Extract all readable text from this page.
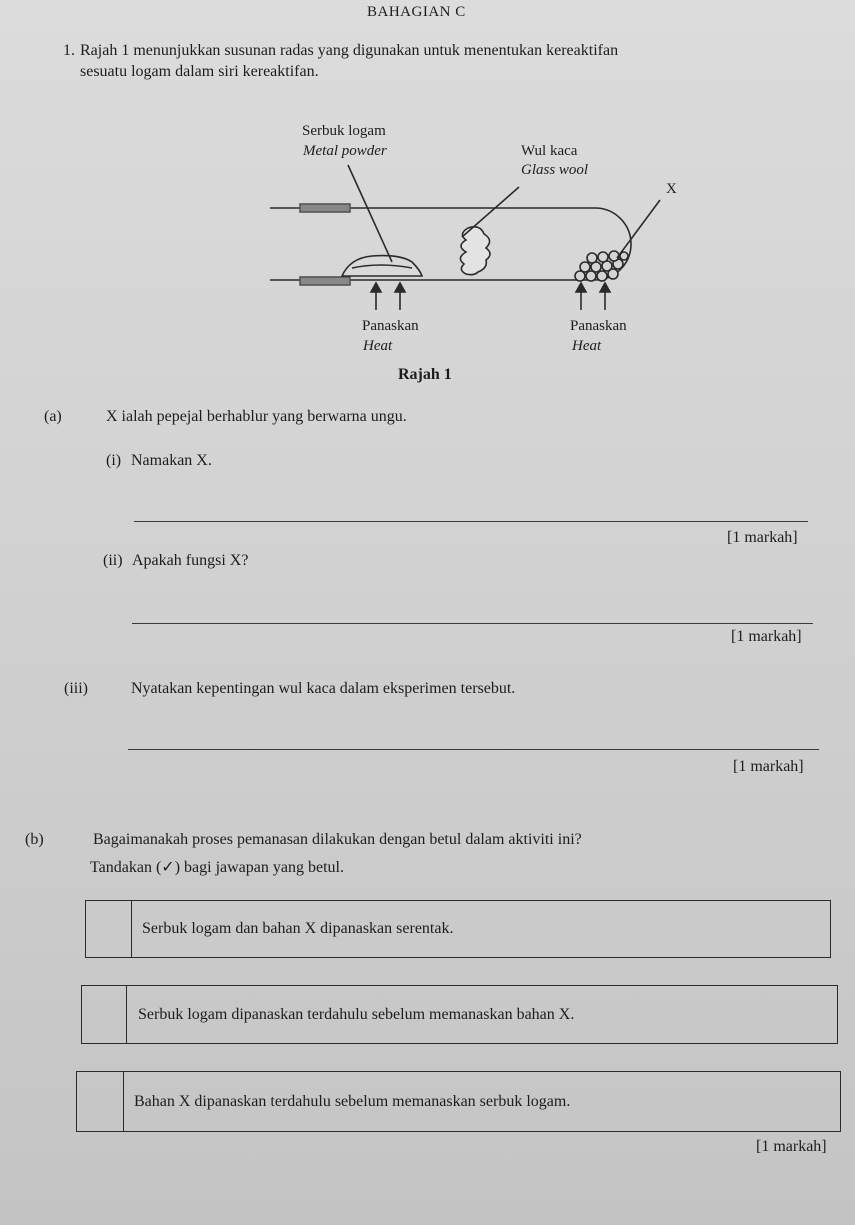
BAHAGIAN C
1. Rajah 1 menunjukkan susunan radas yang digunakan untuk menentukan kereaktifan
sesuatu logam dalam siri kereaktifan.
Serbuk logam
Metal powder	Wul kaca
Glass wool
X
Panaskan
Heat
Panaskan
Heat
Rajah 1
(a)	X ialah pepejal berhablur yang berwarna ungu.
(i) Namakan X.
[1 markah]
(ii) Apakah fungsi X?
[1 markah]
(iii)	Nyatakan kepentingan wul kaca dalam eksperimen tersebut.
[1 markah]
(b)	Bagaimanakah proses pemanasan dilakukan dengan betul dalam aktiviti ini?
Tandakan (✓) bagi jawapan yang betul.
Serbuk logam dan bahan X dipanaskan serentak.
Serbuk logam dipanaskan terdahulu sebelum memanaskan bahan X.
Bahan X dipanaskan terdahulu sebelum memanaskan serbuk logam.
[1 markah]
